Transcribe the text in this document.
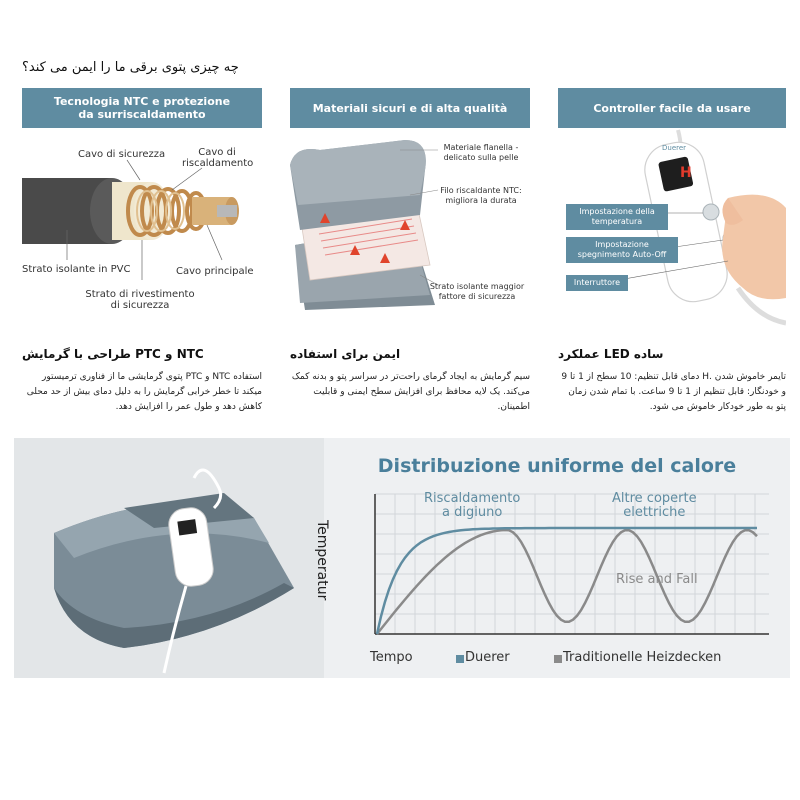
چه چیزی پتوی برقی ما را ایمن می کند؟
Tecnologia NTC e protezione da surriscaldamento
Cavo di sicurezza	Cavo di riscaldamento
Strato isolante in PVC	Cavo principale
Strato di rivestimento di sicurezza
NTC و PTC طراحی با گرمایش
استفاده NTC و PTC پتوی گرمایشی ما از فناوری ترمیستور میکند تا خطر خرابی گرمایش را به دلیل دمای بیش از حد محلی کاهش دهد و طول عمر را افزایش دهد.
Materiali sicuri e di alta qualità
Materiale flanella - delicato sulla pelle
Filo riscaldante NTC: migliora la durata
Strato isolante maggior fattore di sicurezza
ایمن برای استفاده
سیم گرمایش به ایجاد گرمای راحت‌تر در سراسر پتو و بدنه کمک می‌کند. یک لایه محافظ برای افزایش سطح ایمنی و قابلیت اطمینان.
Controller facile da usare
Duerer
H
Impostazione della temperatura
Impostazione spegnimento Auto-Off
Interruttore
ساده LED عملکرد
تایمر خاموش شدن .H دمای قابل تنظیم: 10 سطح از 1 تا 9 و خودنگار: قابل تنظیم از 1 تا 9 ساعت. با تمام شدن زمان پتو به طور خودکار خاموش می شود.
Distribuzione uniforme del calore
Temperatur
Riscaldamento
a digiuno
Altre coperte
elettriche
Rise and Fall
Tempo	Duerer	Traditionelle Heizdecken
